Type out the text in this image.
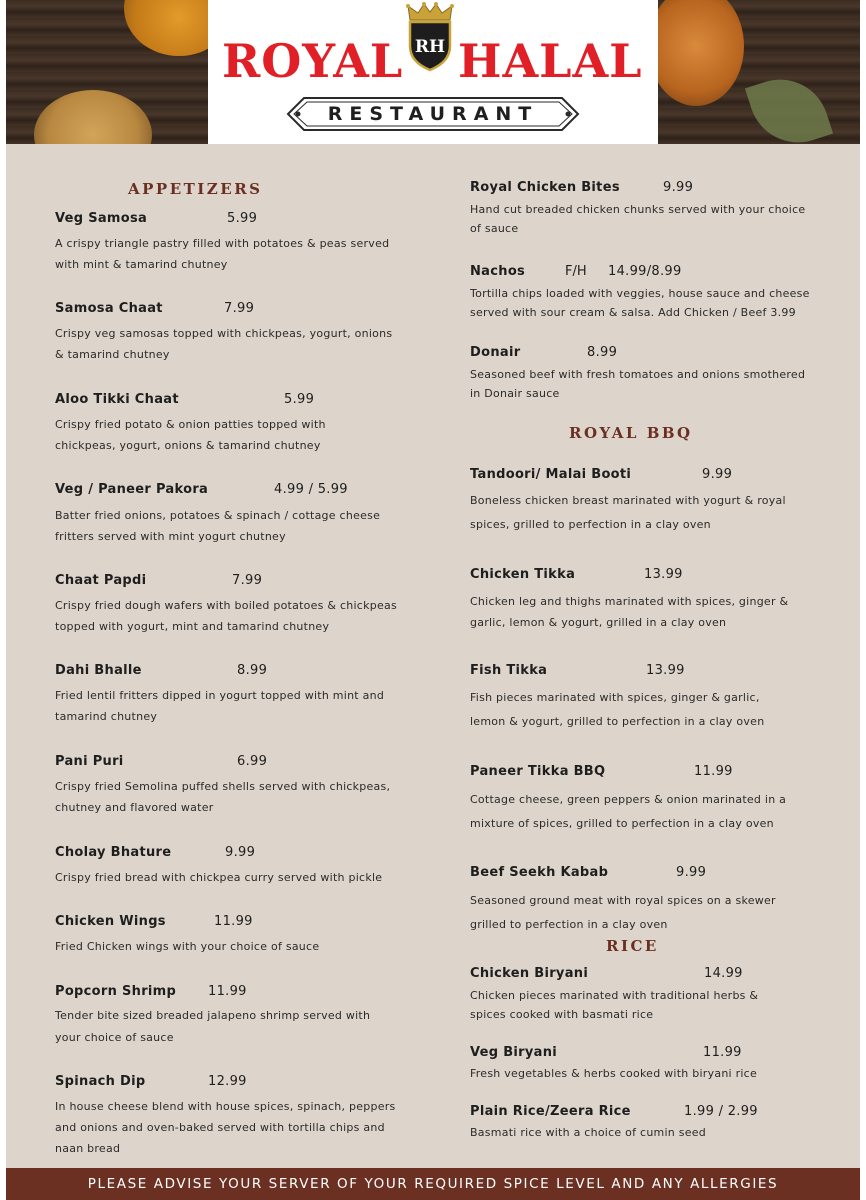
ROYAL RH HALAL
RESTAURANT
APPETIZERS
ROYAL BBQ
RICE
Veg Samosa	5.99
A crispy triangle pastry filled with potatoes & peas served
with mint & tamarind chutney
Samosa Chaat	7.99
Crispy veg samosas topped with chickpeas, yogurt, onions
& tamarind chutney
Aloo Tikki Chaat	5.99
Crispy fried potato & onion patties topped with
chickpeas, yogurt, onions & tamarind chutney
Veg / Paneer Pakora	4.99 / 5.99
Batter fried onions, potatoes & spinach / cottage cheese
fritters served with mint yogurt chutney
Chaat Papdi	7.99
Crispy fried dough wafers with boiled potatoes & chickpeas
topped with yogurt, mint and tamarind chutney
Dahi Bhalle	8.99
Fried lentil fritters dipped in yogurt topped with mint and
tamarind chutney
Pani Puri	6.99
Crispy fried Semolina puffed shells served with chickpeas,
chutney and flavored water
Cholay Bhature	9.99
Crispy fried bread with chickpea curry served with pickle
Chicken Wings	11.99
Fried Chicken wings with your choice of sauce
Popcorn Shrimp 11.99
Tender bite sized breaded jalapeno shrimp served with
your choice of sauce
Spinach Dip	12.99
In house cheese blend with house spices, spinach, peppers
and onions and oven-baked served with tortilla chips and
naan bread
Royal Chicken Bites	9.99
Hand cut breaded chicken chunks served with your choice
of sauce
Nachos	F/H 14.99/8.99
Tortilla chips loaded with veggies, house sauce and cheese
served with sour cream & salsa. Add Chicken / Beef 3.99
Donair	8.99
Seasoned beef with fresh tomatoes and onions smothered
in Donair sauce
Tandoori/ Malai Booti	9.99
Boneless chicken breast marinated with yogurt & royal
spices, grilled to perfection in a clay oven
Chicken Tikka	13.99
Chicken leg and thighs marinated with spices, ginger &
garlic, lemon & yogurt, grilled in a clay oven
Fish Tikka	13.99
Fish pieces marinated with spices, ginger & garlic,
lemon & yogurt, grilled to perfection in a clay oven
Paneer Tikka BBQ	11.99
Cottage cheese, green peppers & onion marinated in a
mixture of spices, grilled to perfection in a clay oven
Beef Seekh Kabab	9.99
Seasoned ground meat with royal spices on a skewer
grilled to perfection in a clay oven
Chicken Biryani	14.99
Chicken pieces marinated with traditional herbs &
spices cooked with basmati rice
Veg Biryani	11.99
Fresh vegetables & herbs cooked with biryani rice
Plain Rice/Zeera Rice	1.99 / 2.99
Basmati rice with a choice of cumin seed
PLEASE ADVISE YOUR SERVER OF YOUR REQUIRED SPICE LEVEL AND ANY ALLERGIES
